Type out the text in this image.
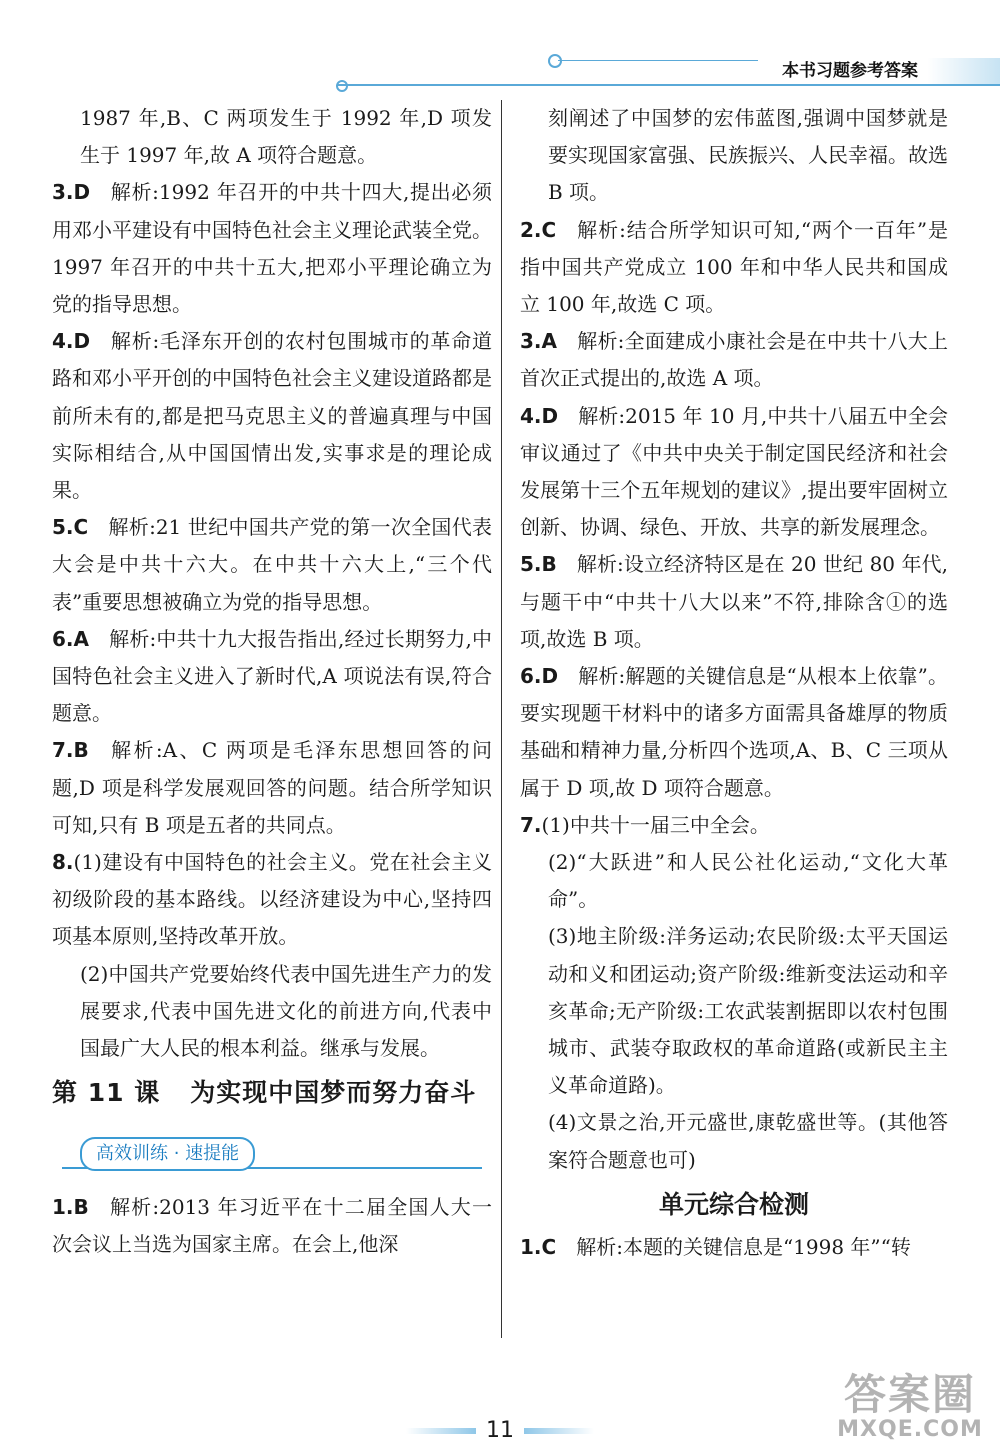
本书习题参考答案

1987 年,B、C 两项发生于 1992 年,D 项发生于 1997 年,故 A 项符合题意。

3.D  解析:1992 年召开的中共十四大,提出必须用邓小平建设有中国特色社会主义理论武装全党。1997 年召开的中共十五大,把邓小平理论确立为党的指导思想。

4.D  解析:毛泽东开创的农村包围城市的革命道路和邓小平开创的中国特色社会主义建设道路都是前所未有的,都是把马克思主义的普遍真理与中国实际相结合,从中国国情出发,实事求是的理论成果。

5.C  解析:21 世纪中国共产党的第一次全国代表大会是中共十六大。在中共十六大上,“三个代表”重要思想被确立为党的指导思想。

6.A  解析:中共十九大报告指出,经过长期努力,中国特色社会主义进入了新时代,A 项说法有误,符合题意。

7.B  解析:A、C 两项是毛泽东思想回答的问题,D 项是科学发展观回答的问题。结合所学知识可知,只有 B 项是五者的共同点。

8.(1)建设有中国特色的社会主义。党在社会主义初级阶段的基本路线。以经济建设为中心,坚持四项基本原则,坚持改革开放。

(2)中国共产党要始终代表中国先进生产力的发展要求,代表中国先进文化的前进方向,代表中国最广大人民的根本利益。继承与发展。

第 11 课 为实现中国梦而努力奋斗
高效训练 · 速提能

1.B  解析:2013 年习近平在十二届全国人大一次会议上当选为国家主席。在会上,他深

刻阐述了中国梦的宏伟蓝图,强调中国梦就是要实现国家富强、民族振兴、人民幸福。故选 B 项。

2.C  解析:结合所学知识可知,“两个一百年”是指中国共产党成立 100 年和中华人民共和国成立 100 年,故选 C 项。

3.A  解析:全面建成小康社会是在中共十八大上首次正式提出的,故选 A 项。

4.D  解析:2015 年 10 月,中共十八届五中全会审议通过了《中共中央关于制定国民经济和社会发展第十三个五年规划的建议》,提出要牢固树立创新、协调、绿色、开放、共享的新发展理念。

5.B  解析:设立经济特区是在 20 世纪 80 年代,与题干中“中共十八大以来”不符,排除含①的选项,故选 B 项。

6.D  解析:解题的关键信息是“从根本上依靠”。要实现题干材料中的诸多方面需具备雄厚的物质基础和精神力量,分析四个选项,A、B、C 三项从属于 D 项,故 D 项符合题意。

7.(1)中共十一届三中全会。

(2)“大跃进”和人民公社化运动,“文化大革命”。

(3)地主阶级:洋务运动;农民阶级:太平天国运动和义和团运动;资产阶级:维新变法运动和辛亥革命;无产阶级:工农武装割据即以农村包围城市、武装夺取政权的革命道路(或新民主主义革命道路)。

(4)文景之治,开元盛世,康乾盛世等。(其他答案符合题意也可)

单元综合检测

1.C  解析:本题的关键信息是“1998 年”“转

11
答案圈
MXQE.COM
